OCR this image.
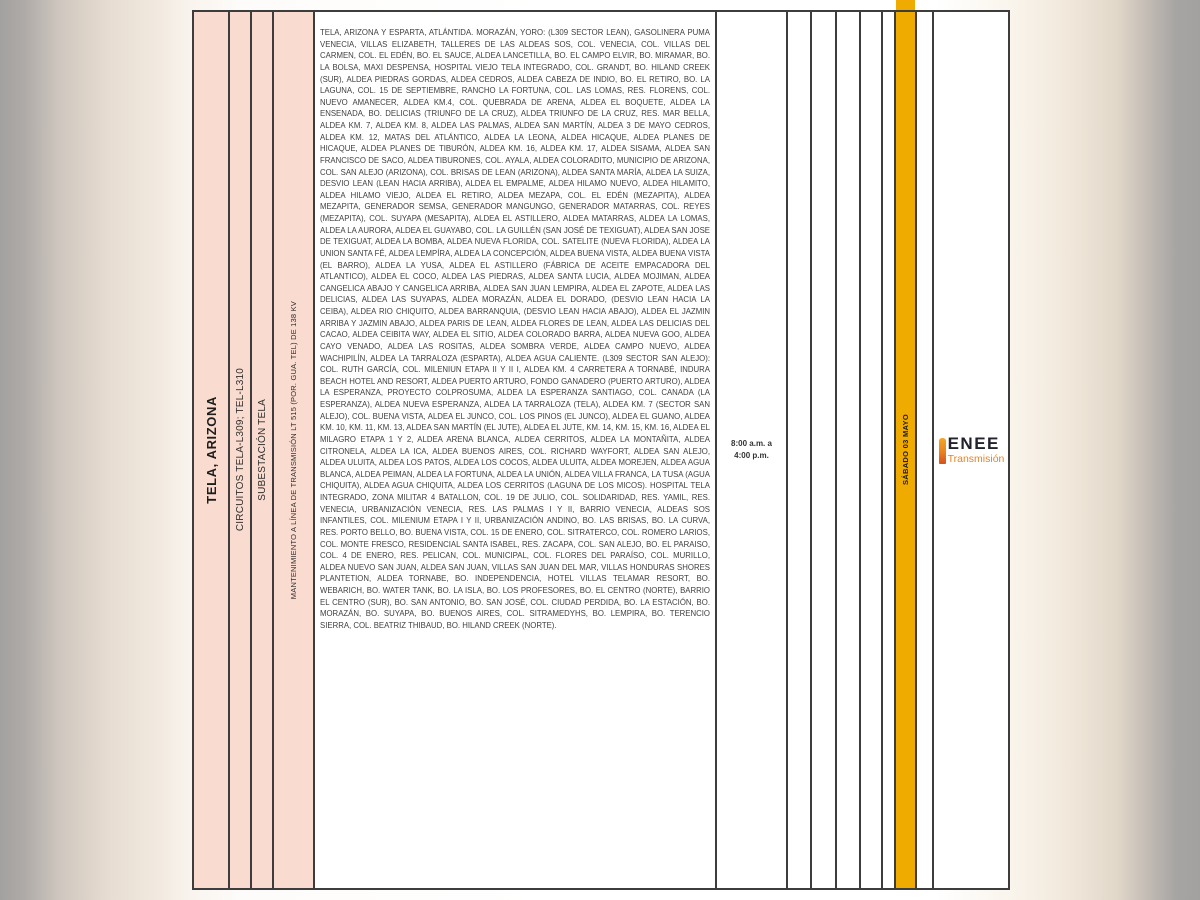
TELA, ARIZONA CIRCUITOS TELA-L309; TEL-L310 SUBESTACIÓN TELA	MANTENIMIENTO A LÍNEA DE TRANSMISIÓN LT 515 (POR. GUA. TEL) DE 138 KV

TELA, ARIZONA Y ESPARTA, ATLÁNTIDA. MORAZÁN, YORO: (L309 SECTOR LEAN), GASOLINERA PUMA VENECIA, VILLAS ELIZABETH, TALLERES DE LAS ALDEAS SOS, COL. VENECIA, COL. VILLAS DEL CARMEN, COL. EL EDÉN, BO. EL SAUCE, ALDEA LANCETILLA, BO. EL CAMPO ELVIR, BO. MIRAMAR, BO. LA BOLSA, MAXI DESPENSA, HOSPITAL VIEJO TELA INTEGRADO, COL. GRANDT, BO. HILAND CREEK (SUR), ALDEA PIEDRAS GORDAS, ALDEA CEDROS, ALDEA CABEZA DE INDIO, BO. EL RETIRO, BO. LA LAGUNA, COL. 15 DE SEPTIEMBRE, RANCHO LA FORTUNA, COL. LAS LOMAS, RES. FLORENS, COL. NUEVO AMANECER, ALDEA KM.4, COL. QUEBRADA DE ARENA, ALDEA EL BOQUETE, ALDEA LA ENSENADA, BO. DELICIAS (TRIUNFO DE LA CRUZ), ALDEA TRIUNFO DE LA CRUZ, RES. MAR BELLA, ALDEA KM. 7, ALDEA KM. 8, ALDEA LAS PALMAS, ALDEA SAN MARTÍN, ALDEA 3 DE MAYO CEDROS, ALDEA KM. 12, MATAS DEL ATLÁNTICO, ALDEA LA LEONA, ALDEA HICAQUE, ALDEA PLANES DE HICAQUE, ALDEA PLANES DE TIBURÓN, ALDEA KM. 16, ALDEA KM. 17, ALDEA SISAMA, ALDEA SAN FRANCISCO DE SACO, ALDEA TIBURONES, COL. AYALA, ALDEA COLORADITO, MUNICIPIO DE ARIZONA, COL. SAN ALEJO (ARIZONA), COL. BRISAS DE LEAN (ARIZONA), ALDEA SANTA MARÍA, ALDEA LA SUIZA, DESVIO LEAN (LEAN HACIA ARRIBA), ALDEA EL EMPALME, ALDEA HILAMO NUEVO, ALDEA HILAMITO, ALDEA HILAMO VIEJO, ALDEA EL RETIRO, ALDEA MEZAPA, COL. EL EDÉN (MEZAPITA), ALDEA MEZAPITA, GENERADOR SEMSA, GENERADOR MANGUNGO, GENERADOR MATARRAS, COL. REYES (MEZAPITA), COL. SUYAPA (MESAPITA), ALDEA EL ASTILLERO, ALDEA MATARRAS, ALDEA LA LOMAS, ALDEA LA AURORA, ALDEA EL GUAYABO, COL. LA GUILLÉN (SAN JOSÉ DE TEXIGUAT), ALDEA SAN JOSE DE TEXIGUAT, ALDEA LA BOMBA, ALDEA NUEVA FLORIDA, COL. SATELITE (NUEVA FLORIDA), ALDEA LA UNION SANTA FÉ, ALDEA LEMPÍRA, ALDEA LA CONCEPCIÓN, ALDEA BUENA VISTA, ALDEA BUENA VISTA (EL BARRO), ALDEA LA YUSA, ALDEA EL ASTILLERO (FÁBRICA DE ACEITE EMPACADORA DEL ATLANTICO), ALDEA EL COCO, ALDEA LAS PIEDRAS, ALDEA SANTA LUCIA, ALDEA MOJIMAN, ALDEA CANGELICA ABAJO Y CANGELICA ARRIBA, ALDEA SAN JUAN LEMPIRA, ALDEA EL ZAPOTE, ALDEA LAS DELICIAS, ALDEA LAS SUYAPAS, ALDEA MORAZÁN, ALDEA EL DORADO, (DESVIO LEAN HACIA LA CEIBA), ALDEA RIO CHIQUITO, ALDEA BARRANQUIA, (DESVIO LEAN HACIA ABAJO), ALDEA EL JAZMIN ARRIBA Y JAZMIN ABAJO, ALDEA PARIS DE LEAN, ALDEA FLORES DE LEAN, ALDEA LAS DELICIAS DEL CACAO, ALDEA CEIBITA WAY, ALDEA EL SITIO, ALDEA COLORADO BARRA, ALDEA NUEVA GOO, ALDEA CAYO VENADO, ALDEA LAS ROSITAS, ALDEA SOMBRA VERDE, ALDEA CAMPO NUEVO, ALDEA WACHIPILÍN, ALDEA LA TARRALOZA (ESPARTA), ALDEA AGUA CALIENTE. (L309 SECTOR SAN ALEJO): COL. RUTH GARCÍA, COL. MILENIUN ETAPA II Y II I, ALDEA KM. 4 CARRETERA A TORNABÉ, INDURA BEACH HOTEL AND RESORT, ALDEA PUERTO ARTURO, FONDO GANADERO (PUERTO ARTURO), ALDEA LA ESPERANZA, PROYECTO COLPROSUMA, ALDEA LA ESPERANZA SANTIAGO, COL. CANADA (LA ESPERANZA), ALDEA NUEVA ESPERANZA, ALDEA LA TARRALOZA (TELA), ALDEA KM. 7 (SECTOR SAN ALEJO), COL. BUENA VISTA, ALDEA EL JUNCO, COL. LOS PINOS (EL JUNCO), ALDEA EL GUANO, ALDEA KM. 10, KM. 11, KM. 13, ALDEA SAN MARTÍN (EL JUTE), ALDEA EL JUTE, KM. 14, KM. 15, KM. 16, ALDEA EL MILAGRO ETAPA 1 Y 2, ALDEA ARENA BLANCA, ALDEA CERRITOS, ALDEA LA MONTAÑITA, ALDEA CITRONELA, ALDEA LA ICA, ALDEA BUENOS AIRES, COL. RICHARD WAYFORT, ALDEA SAN ALEJO, ALDEA ULUITA, ALDEA LOS PATOS, ALDEA LOS COCOS, ALDEA ULUITA, ALDEA MOREJEN, ALDEA AGUA BLANCA, ALDEA PEIMAN, ALDEA LA FORTUNA, ALDEA LA UNIÓN, ALDEA VILLA FRANCA, LA TUSA (AGUA CHIQUITA), ALDEA AGUA CHIQUITA, ALDEA LOS CERRITOS (LAGUNA DE LOS MICOS). HOSPITAL TELA INTEGRADO, ZONA MILITAR 4 BATALLON, COL. 19 DE JULIO, COL. SOLIDARIDAD, RES. YAMIL, RES. VENECIA, URBANIZACIÓN VENECIA, RES. LAS PALMAS I Y II, BARRIO VENECIA, ALDEAS SOS INFANTILES, COL. MILENIUM ETAPA I Y II, URBANIZACIÓN ANDINO, BO. LAS BRISAS, BO. LA CURVA, RES. PORTO BELLO, BO. BUENA VISTA, COL. 15 DE ENERO, COL. SITRATERCO, COL. ROMERO LARIOS, COL. MONTE FRESCO, RESIDENCIAL SANTA ISABEL, RES. ZACAPA, COL. SAN ALEJO, BO. EL PARAISO, COL. 4 DE ENERO, RES. PELICAN, COL. MUNICIPAL, COL. FLORES DEL PARAÍSO, COL. MURILLO, ALDEA NUEVO SAN JUAN, ALDEA SAN JUAN, VILLAS SAN JUAN DEL MAR, VILLAS HONDURAS SHORES PLANTETION, ALDEA TORNABE, BO. INDEPENDENCIA, HOTEL VILLAS TELAMAR RESORT, BO. WEBARICH, BO. WATER TANK, BO. LA ISLA, BO. LOS PROFESORES, BO. EL CENTRO (NORTE), BARRIO EL CENTRO (SUR), BO. SAN ANTONIO, BO. SAN JOSÉ, COL. CIUDAD PERDIDA, BO. LA ESTACIÓN, BO. MORAZÁN, BO. SUYAPA, BO. BUENOS AIRES, COL. SITRAMEDYHS, BO. LEMPIRA, BO. TERENCIO SIERRA, COL. BEATRIZ THIBAUD, BO. HILAND CREEK (NORTE).

8:00 a.m. a 4:00 p.m.	SÁBADO 03 MAYO ENEE
Transmisión
